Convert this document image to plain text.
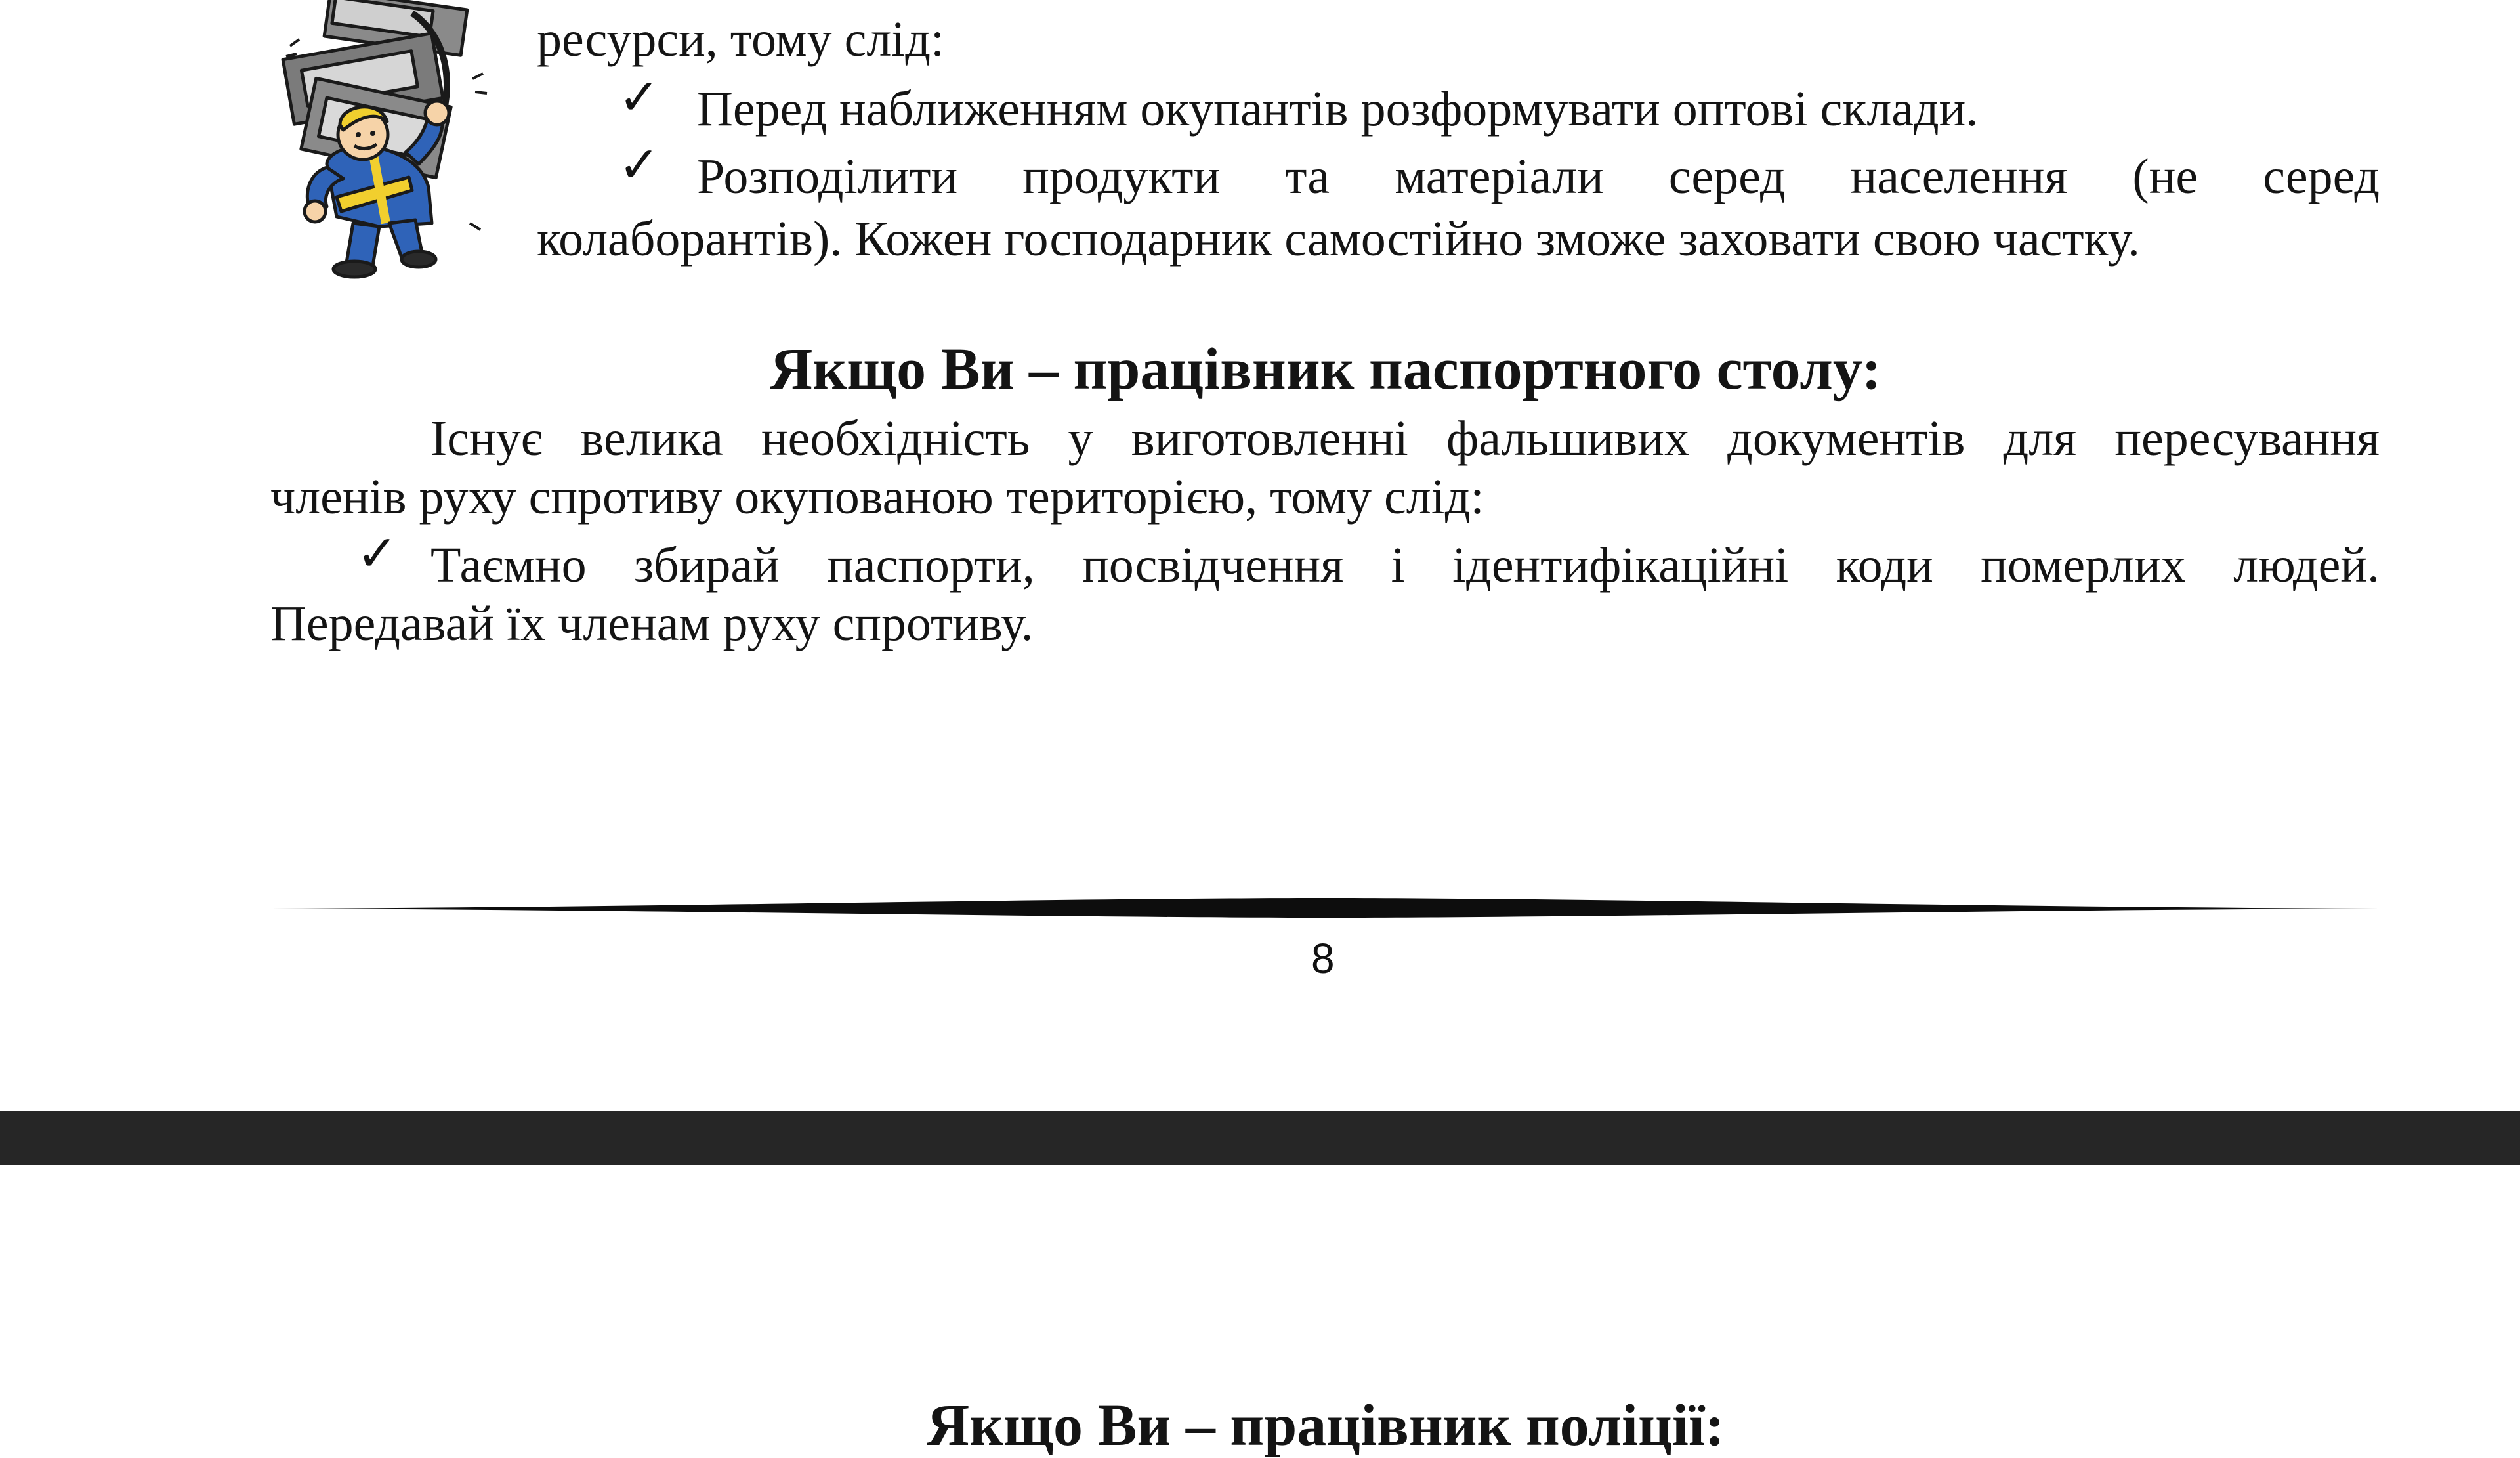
ресурси, тому слід:
✓ Перед наближенням окупантів розформувати оптові склади.
✓ Розподілити продукти та матеріали серед населення (не серед
колаборантів). Кожен господарник самостійно зможе заховати свою частку.
Якщо Ви – працівник паспортного столу:
Існує велика необхідність у виготовленні фальшивих документів для пересування
членів руху спротиву окупованою територією, тому слід:
✓ Таємно збирай паспорти, посвідчення і ідентифікаційні коди померлих людей.
Передавай їх членам руху спротиву.
8
Якщо Ви – працівник поліції:
